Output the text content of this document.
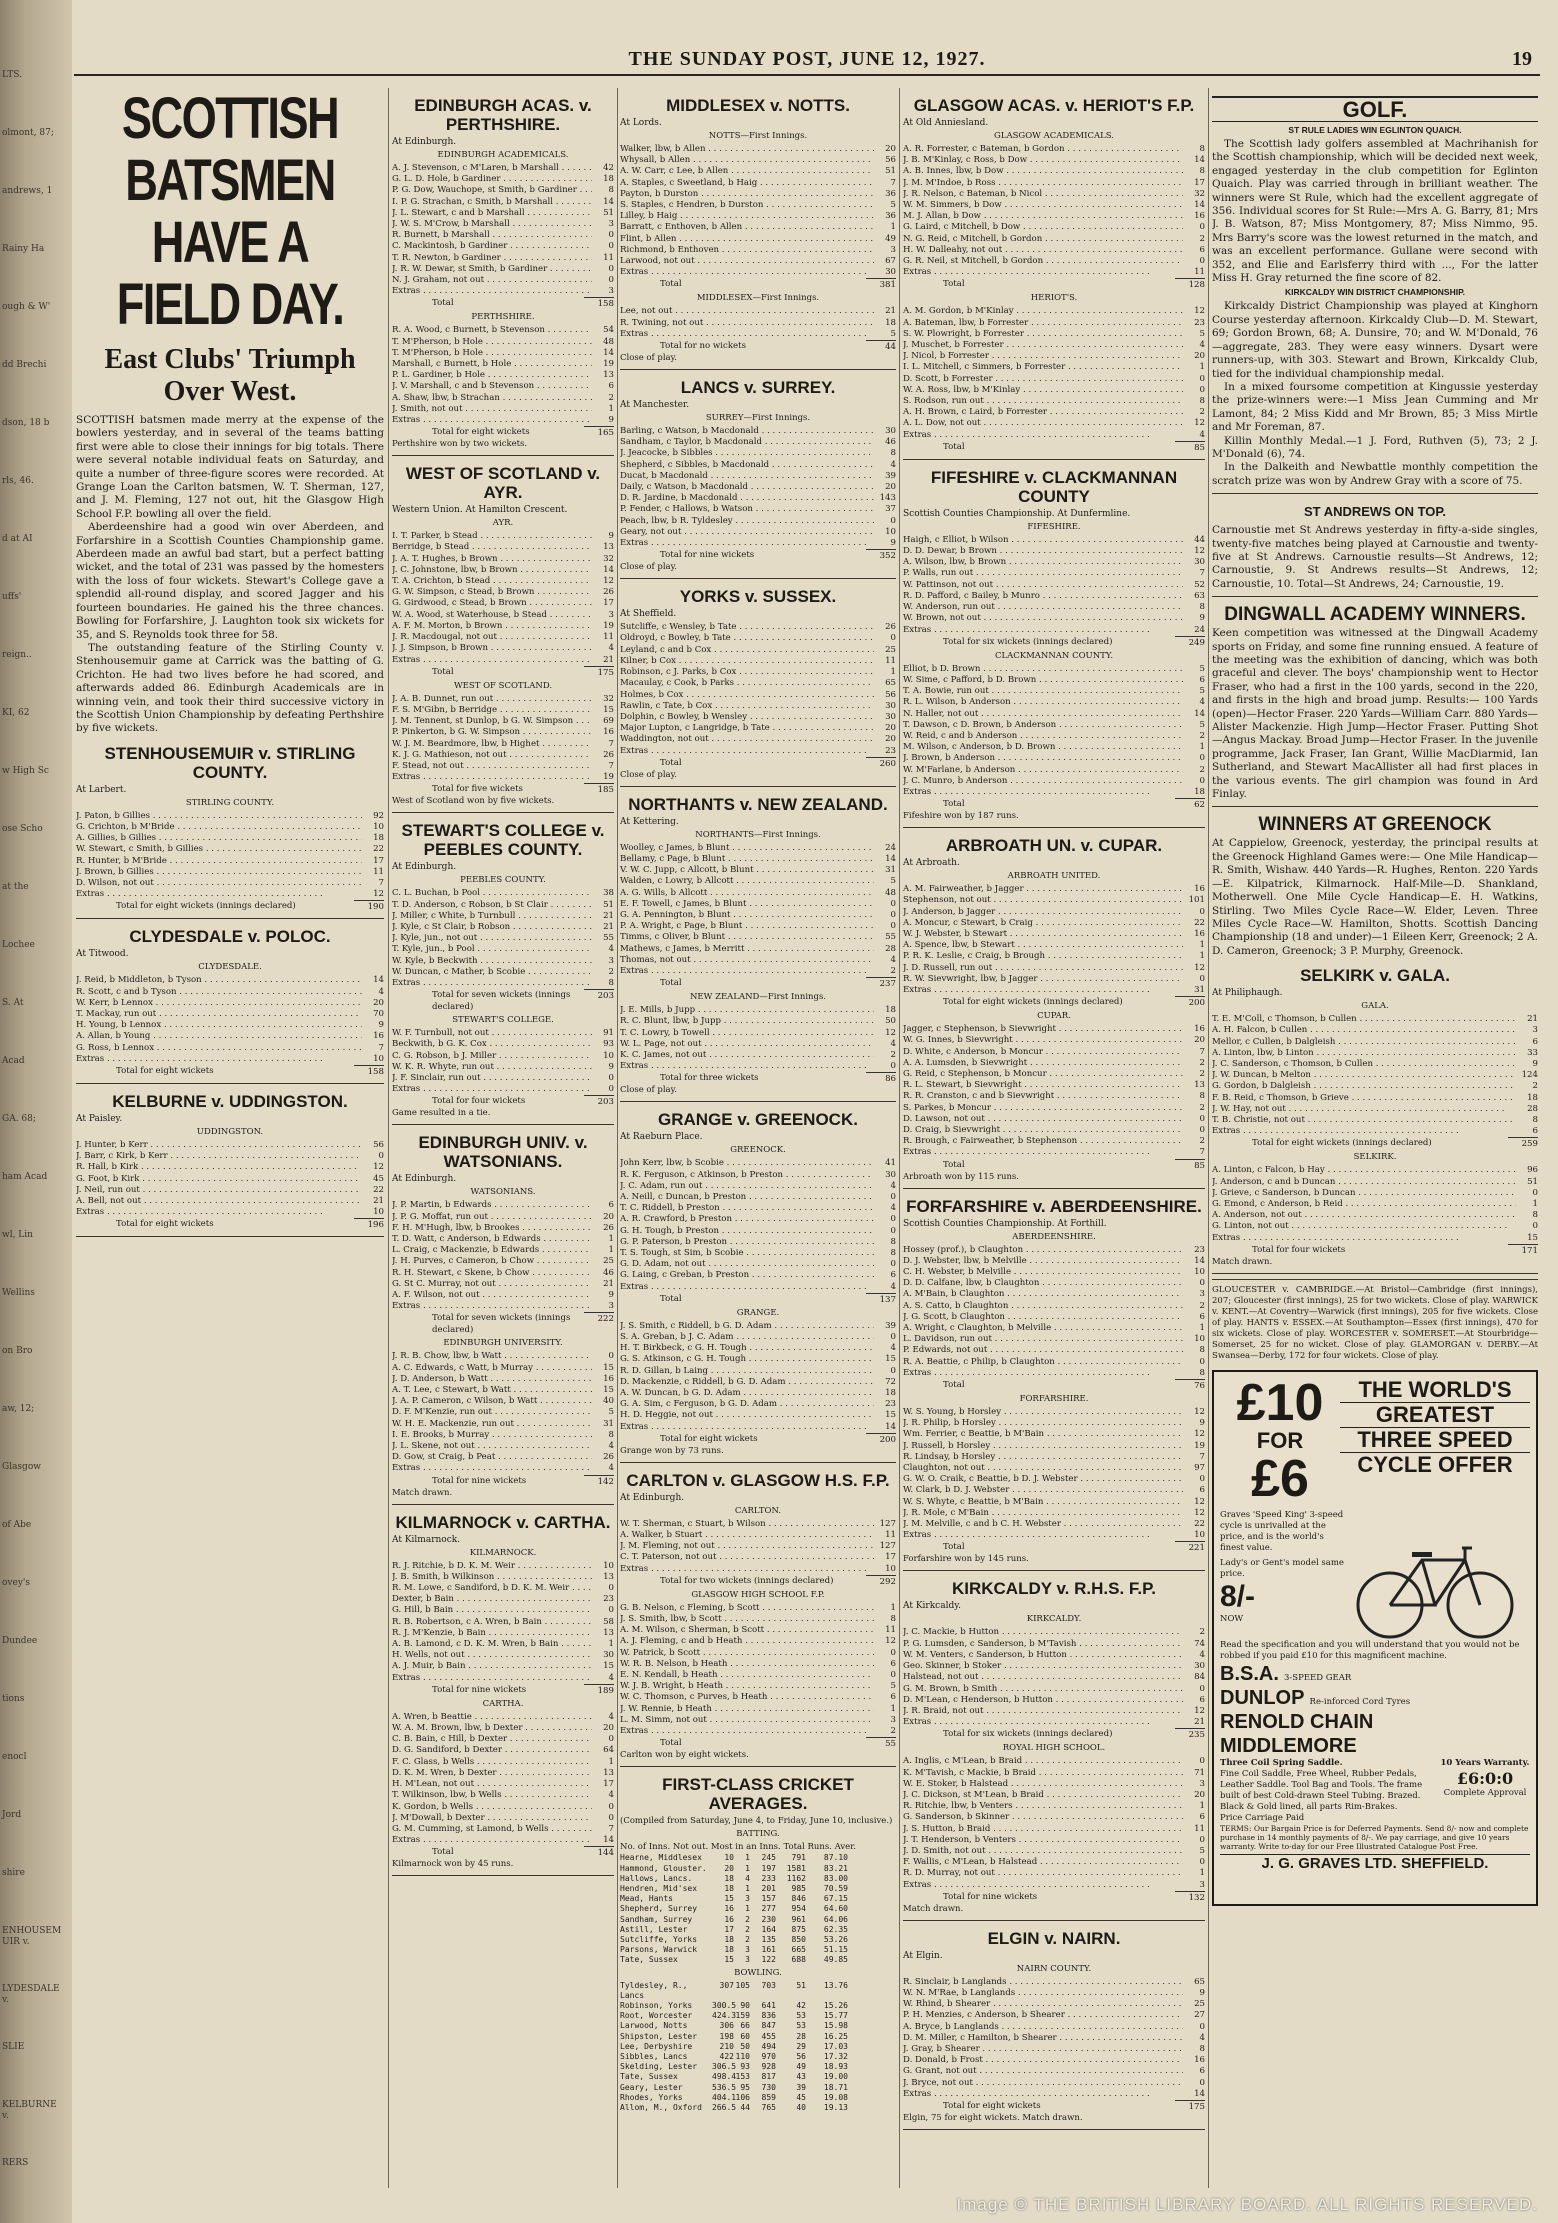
LTS.
olmont, 87;
andrews, 1
Rainy Ha
ough & W'
dd Brechi
dson, 18 b
rls, 46.
d at AI
uffs'
reign..
KI, 62
w High Sc
ose Scho
at the
Lochee
S. At
Acad
GA. 68;
ham Acad
wl, Lin
Wellins
on Bro
aw, 12;
Glasgow
of Abe
ovey's
Dundee
tions
enocl
Jord
shire
ENHOUSEMUIR v.
LYDESDALE v.
SLIE
KELBURNE v.
RERS
THE SUNDAY POST, JUNE 12, 1927.	19
SCOTTISH BATSMEN HAVE A
FIELD DAY.
East Clubs' Triumph Over West.
SCOTTISH batsmen made merry at the expense of the bowlers yesterday, and in several of the teams batting first were able to close their innings for big totals. There were several notable individual feats on Saturday, and quite a number of three-figure scores were recorded. At Grange Loan the Carlton batsmen, W. T. Sherman, 127, and J. M. Fleming, 127 not out, hit the Glasgow High School F.P. bowling all over the field.
Aberdeenshire had a good win over Aberdeen, and Forfarshire in a Scottish Counties Championship game. Aberdeen made an awful bad start, but a perfect batting wicket, and the total of 231 was passed by the homesters with the loss of four wickets. Stewart's College gave a splendid all-round display, and scored Jagger and his fourteen boundaries. He gained his the three chances. Bowling for Forfarshire, J. Laughton took six wickets for 35, and S. Reynolds took three for 58.
The outstanding feature of the Stirling County v. Stenhousemuir game at Carrick was the batting of G. Crichton. He had two lives before he had scored, and afterwards added 86. Edinburgh Academicals are in winning vein, and took their third successive victory in the Scottish Union Championship by defeating Perthshire by five wickets.
STENHOUSEMUIR v. STIRLING COUNTY.
At Larbert.
STIRLING COUNTY.
J. Paton, b Gillies . . .	92
G. Crichton, b M'Bride . . .	10
A. Gillies, b Gillies . . .	18
W. Stewart, c Smith, b Gillies . . .	22
R. Hunter, b M'Bride . . .	17
J. Brown, b Gillies . . .	11
D. Wilson, not out . . .	7
Extras . . .	12
Total for eight wickets (innings declared)	190
CLYDESDALE v. POLOC.
At Titwood.
CLYDESDALE.
J. Reid, b Middleton, b Tyson . . .	14
R. Scott, c and b Tyson . . .	4
W. Kerr, b Lennox . . .	20
T. Mackay, run out . . .	70
H. Young, b Lennox . . .	9
A. Allan, b Young . . .	16
G. Ross, b Lennox . . .	7
Extras . . .	10
Total for eight wickets	158
KELBURNE v. UDDINGSTON.
At Paisley.
UDDINGSTON.
J. Hunter, b Kerr . . .	56
J. Barr, c Kirk, b Kerr . . .	0
R. Hall, b Kirk . . .	12
G. Foot, b Kirk . . .	45
J. Neil, run out . . .	22
A. Bell, not out . . .	21
Extras . . .	10
Total for eight wickets	196
EDINBURGH ACAS. v. PERTHSHIRE.
At Edinburgh.
EDINBURGH ACADEMICALS.
A. J. Stevenson, c M'Laren, b Marshall . . .	42
G. L. D. Hole, b Gardiner . . .	18
P. G. Dow, Wauchope, st Smith, b Gardiner . . .	8
I. P. G. Strachan, c Smith, b Marshall . . .	14
J. L. Stewart, c and b Marshall . . .	51
J. W. S. M'Crow, b Marshall . . .	3
R. Burnett, b Marshall . . .	0
C. Mackintosh, b Gardiner . . .	0
T. R. Newton, b Gardiner . . .	11
J. R. W. Dewar, st Smith, b Gardiner . . .	0
N. J. Graham, not out . . .	0
Extras . . .	3
Total	158
PERTHSHIRE.
R. A. Wood, c Burnett, b Stevenson . . .	54
T. M'Pherson, b Hole . . .	48
T. M'Pherson, b Hole . . .	14
Marshall, c Burnett, b Hole . . .	19
P. L. Gardiner, b Hole . . .	13
J. V. Marshall, c and b Stevenson . . .	6
A. Shaw, lbw, b Strachan . . .	2
J. Smith, not out . . .	1
Extras . . .	9
Total for eight wickets	165
Perthshire won by two wickets.
WEST OF SCOTLAND v. AYR.
Western Union. At Hamilton Crescent.
AYR.
I. T. Parker, b Stead . . .	9
Berridge, b Stead . . .	13
J. A. T. Hughes, b Brown . . .	32
J. C. Johnstone, lbw, b Brown . . .	14
T. A. Crichton, b Stead . . .	12
G. W. Simpson, c Stead, b Brown . . .	26
G. Girdwood, c Stead, b Brown . . .	17
W. A. Wood, st Waterhouse, b Stead . . .	3
A. F. M. Morton, b Brown . . .	19
J. R. Macdougal, not out . . .	11
J. J. Simpson, b Brown . . .	4
Extras . . .	21
Total	175
WEST OF SCOTLAND.
J. A. B. Dunnet, run out . . .	32
F. S. M'Gibn, b Berridge . . .	15
J. M. Tennent, st Dunlop, b G. W. Simpson . . .	69
P. Pinkerton, b G. W. Simpson . . .	16
W. J. M. Beardmore, lbw, b Highet . . .	7
K. J. G. Mathieson, not out . . .	26
F. Stead, not out . . .	7
Extras . . .	19
Total for five wickets	185
West of Scotland won by five wickets.
STEWART'S COLLEGE v. PEEBLES COUNTY.
At Edinburgh.
PEEBLES COUNTY.
C. L. Buchan, b Pool . . .	38
T. D. Anderson, c Robson, b St Clair . . .	51
J. Miller, c White, b Turnbull . . .	21
J. Kyle, c St Clair, b Robson . . .	21
J. Kyle, jun., not out . . .	55
T. Kyle, jun., b Pool . . .	4
W. Kyle, b Beckwith . . .	3
W. Duncan, c Mather, b Scobie . . .	2
Extras . . .	8
Total for seven wickets (innings declared)
203
STEWART'S COLLEGE.
W. F. Turnbull, not out . . .	91
Beckwith, b G. K. Cox . . .	93
C. G. Robson, b J. Miller . . .	10
W. K. R. Whyte, run out . . .	9
J. F. Sinclair, run out . . .	0
Extras . . .	0
Total for four wickets	203
Game resulted in a tie.
EDINBURGH UNIV. v. WATSONIANS.
At Edinburgh.
WATSONIANS.
J. P. Martin, b Edwards . . .	6
J. P. G. Moffat, run out . . .	20
F. H. M'Hugh, lbw, b Brookes . . .	26
T. D. Watt, c Anderson, b Edwards . . .	1
L. Craig, c Mackenzie, b Edwards . . .	1
J. H. Purves, c Cameron, b Chow . . .	25
R. H. Stewart, c Skene, b Chow . . .	46
G. St C. Murray, not out . . .	21
A. F. Wilson, not out . . .	9
Extras . . .	3
Total for seven wickets (innings declared)
222
EDINBURGH UNIVERSITY.
J. R. B. Chow, lbw, b Watt . . .	0
A. C. Edwards, c Watt, b Murray . . .	15
J. D. Anderson, b Watt . . .	16
A. T. Lee, c Stewart, b Watt . . .	15
J. A. P. Cameron, c Wilson, b Watt . . .	40
D. F. M'Kenzie, run out . . .	5
W. H. E. Mackenzie, run out . . .	31
I. E. Brooks, b Murray . . .	8
J. L. Skene, not out . . .	4
D. Gow, st Craig, b Peat . . .	26
Extras . . .	4
Total for nine wickets	142
Match drawn.
KILMARNOCK v. CARTHA.
At Kilmarnock.
KILMARNOCK.
R. J. Ritchie, b D. K. M. Weir . . .	10
J. B. Smith, b Wilkinson . . .	13
R. M. Lowe, c Sandiford, b D. K. M. Weir . . .	0
Dexter, b Bain . . .	23
G. Hill, b Bain . . .	0
R. B. Robertson, c A. Wren, b Bain . . .	58
R. J. M'Kenzie, b Bain . . .	13
A. B. Lamond, c D. K. M. Wren, b Bain . . .	1
H. Wells, not out . . .	30
A. J. Muir, b Bain . . .	15
Extras . . .	4
Total for nine wickets	189
CARTHA.
A. Wren, b Beattie . . .	4
W. A. M. Brown, lbw, b Dexter . . .	20
C. B. Bain, c Hill, b Dexter . . .	0
D. G. Sandiford, b Dexter . . .	64
F. C. Glass, b Wells . . .	1
D. K. M. Wren, b Dexter . . .	13
H. M'Lean, not out . . .	17
T. Wilkinson, lbw, b Wells . . .	4
K. Gordon, b Wells . . .	0
J. M'Dowall, b Dexter . . .	0
G. M. Cumming, st Lamond, b Wells . . .	7
Extras . . .	14
Total	144
Kilmarnock won by 45 runs.
MIDDLESEX v. NOTTS.
At Lords.
NOTTS—First Innings.
Walker, lbw, b Allen . . .	20
Whysall, b Allen . . .	56
A. W. Carr, c Lee, b Allen . . .	51
A. Staples, c Sweetland, b Haig . . .	7
Payton, b Durston . . .	36
S. Staples, c Hendren, b Durston . . .	5
Lilley, b Haig . . .	36
Barratt, c Enthoven, b Allen . . .	1
Flint, b Allen . . .	49
Richmond, b Enthoven . . .	3
Larwood, not out . . .	67
Extras . . .	30
Total	381
MIDDLESEX—First Innings.
Lee, not out . . .	21
R. Twining, not out . . .	18
Extras . . .	5
Total for no wickets	44
Close of play.
LANCS v. SURREY.
At Manchester.
SURREY—First Innings.
Barling, c Watson, b Macdonald . . .	30
Sandham, c Taylor, b Macdonald . . .	46
J. Jeacocke, b Sibbles . . .	8
Shepherd, c Sibbles, b Macdonald . . .	4
Ducat, b Macdonald . . .	39
Daily, c Watson, b Macdonald . . .	20
D. R. Jardine, b Macdonald . . .	143
P. Fender, c Hallows, b Watson . . .	37
Peach, lbw, b R. Tyldesley . . .	0
Geary, not out . . .	10
Extras . . .	9
Total for nine wickets	352
Close of play.
YORKS v. SUSSEX.
At Sheffield.
Sutcliffe, c Wensley, b Tate . . .	26
Oldroyd, c Bowley, b Tate . . .	0
Leyland, c and b Cox . . .	25
Kilner, b Cox . . .	11
Robinson, c J. Parks, b Cox . . .	1
Macaulay, c Cook, b Parks . . .	65
Holmes, b Cox . . .	56
Rawlin, c Tate, b Cox . . .	30
Dolphin, c Bowley, b Wensley . . .	30
Major Lupton, c Langridge, b Tate . . .	20
Waddington, not out . . .	20
Extras . . .	23
Total	260
Close of play.
NORTHANTS v. NEW ZEALAND.
At Kettering.
NORTHANTS—First Innings.
Woolley, c James, b Blunt . . .	24
Bellamy, c Page, b Blunt . . .	14
V. W. C. Jupp, c Allcott, b Blunt . . .	31
Walden, c Lowry, b Allcott . . .	5
A. G. Wills, b Allcott . . .	48
E. F. Towell, c James, b Blunt . . .	0
G. A. Pennington, b Blunt . . .	0
P. A. Wright, c Page, b Blunt . . .	0
Timms, c Oliver, b Blunt . . .	55
Mathews, c James, b Merritt . . .	28
Thomas, not out . . .	4
Extras . . .	2
Total	237
NEW ZEALAND—First Innings.
J. E. Mills, b Jupp . . .	18
R. C. Blunt, lbw, b Jupp . . .	50
T. C. Lowry, b Towell . . .	12
W. L. Page, not out . . .	4
K. C. James, not out . . .	2
Extras . . .	0
Total for three wickets	86
Close of play.
GRANGE v. GREENOCK.
At Raeburn Place.
GREENOCK.
John Kerr, lbw, b Scobie . . .	41
R. K. Ferguson, c Atkinson, b Preston . . .	30
J. C. Adam, run out . . .	4
A. Neill, c Duncan, b Preston . . .	0
T. C. Riddell, b Preston . . .	4
A. R. Crawford, b Preston . . .	0
G. H. Tough, b Preston . . .	0
G. P. Paterson, b Preston . . .	8
T. S. Tough, st Sim, b Scobie . . .	8
G. D. Adam, not out . . .	0
G. Laing, c Greban, b Preston . . .	6
Extras . . .	4
Total	137
GRANGE.
J. S. Smith, c Riddell, b G. D. Adam . . .	39
S. A. Greban, b J. C. Adam . . .	0
H. T. Birkbeck, c G. H. Tough . . .	4
G. S. Atkinson, c G. H. Tough . . .	15
R. D. Gillan, b Laing . . .	0
D. Mackenzie, c Riddell, b G. D. Adam . . .	72
A. W. Duncan, b G. D. Adam . . .	18
G. A. Sim, c Ferguson, b G. D. Adam . . .	23
H. D. Heggie, not out . . .	15
Extras . . .	14
Total for eight wickets	200
Grange won by 73 runs.
CARLTON v. GLASGOW H.S. F.P.
At Edinburgh.
CARLTON.
W. T. Sherman, c Stuart, b Wilson . . .	127
A. Walker, b Stuart . . .	11
J. M. Fleming, not out . . .	127
C. T. Paterson, not out . . .	17
Extras . . .	10
Total for two wickets (innings declared)	292
GLASGOW HIGH SCHOOL F.P.
G. B. Nelson, c Fleming, b Scott . . .	1
J. S. Smith, lbw, b Scott . . .	8
A. M. Wilson, c Sherman, b Scott . . .	11
A. J. Fleming, c and b Heath . . .	12
W. Patrick, b Scott . . .	0
W. R. B. Nelson, b Heath . . .	6
E. N. Kendall, b Heath . . .	0
W. J. B. Wright, b Heath . . .	5
W. C. Thomson, c Purves, b Heath . . .	6
J. W. Rennie, b Heath . . .	1
L. M. Simm, not out . . .	3
Extras . . .	2
Total	55
Carlton won by eight wickets.
FIRST-CLASS CRICKET AVERAGES.
(Compiled from Saturday, June 4, to Friday, June 10, inclusive.)
BATTING.
No. of Inns. Not out. Most in an Inns. Total Runs. Aver.
Hearne, Middlesex	10	1	245	791	87.10
Hammond, Glouster.	20	1	197	1581	83.21
Hallows, Lancs.	18	4	233	1162	83.00
Hendren, Mid'sex	18	1	201	985	70.59
Mead, Hants	15	3	157	846	67.15
Shepherd, Surrey	16	1	277	954	64.60
Sandham, Surrey	16	2	230	961	64.06
Astill, Lester	17	2	164	875	62.35
Sutcliffe, Yorks	18	2	135	850	53.26
Parsons, Warwick	18	3	161	665	51.15
Tate, Sussex	15	3	122	688	49.85
BOWLING.
Tyldesley, R., Lancs
307 105	703	51	13.76
Robinson, Yorks	300.5 90	641	42	15.26
Root, Worcester	424.3 159	836	53	15.77
Larwood, Notts	306 66	847	53	15.98
Shipston, Lester	198 60	455	28	16.25
Lee, Derbyshire	210 50	494	29	17.03
Sibbles, Lancs	422 110	970	56	17.32
Skelding, Lester	306.5 93	928	49	18.93
Tate, Sussex	498.4 153	817	43	19.00
Geary, Lester	536.5 95	730	39	18.71
Rhodes, Yorks	404.1 106	859	45	19.08
Allom, M., Oxford	266.5 44	765	40	19.13
GLASGOW ACAS. v. HERIOT'S F.P.
At Old Anniesland.
GLASGOW ACADEMICALS.
A. R. Forrester, c Bateman, b Gordon . . .	8
J. B. M'Kinlay, c Ross, b Dow . . .	14
A. B. Innes, lbw, b Dow . . .	8
J. M. M'Indoe, b Ross . . .	17
J. R. Nelson, c Bateman, b Nicol . . .	32
W. M. Simmers, b Dow . . .	14
M. J. Allan, b Dow . . .	16
G. Laird, c Mitchell, b Dow . . .	0
N. G. Reid, c Mitchell, b Gordon . . .	2
H. W. Dalleahy, not out . . .	6
G. R. Neil, st Mitchell, b Gordon . . .	0
Extras . . .	11
Total	128
HERIOT'S.
A. M. Gordon, b M'Kinlay . . .	12
A. Bateman, lbw, b Forrester . . .	23
S. W. Plowright, b Forrester . . .	5
J. Muschet, b Forrester . . .	4
J. Nicol, b Forrester . . .	20
I. L. Mitchell, c Simmers, b Forrester . . .	1
D. Scott, b Forrester . . .	0
W. A. Ross, lbw, b M'Kinlay . . .	0
S. Rodson, run out . . .	8
A. H. Brown, c Laird, b Forrester . . .	2
A. L. Dow, not out . . .	12
Extras . . .	4
Total	85
FIFESHIRE v. CLACKMANNAN COUNTY
Scottish Counties Championship. At Dunfermline.
FIFESHIRE.
Haigh, c Elliot, b Wilson . . .	44
D. D. Dewar, b Brown . . .	12
A. Wilson, lbw, b Brown . . .	30
P. Walls, run out . . .	7
W. Pattinson, not out . . .	52
R. D. Pafford, c Bailey, b Munro . . .	63
W. Anderson, run out . . .	8
W. Brown, not out . . .	9
Extras . . .	24
Total for six wickets (innings declared)	249
CLACKMANNAN COUNTY.
Elliot, b D. Brown . . .	5
W. Sime, c Pafford, b D. Brown . . .	6
T. A. Bowie, run out . . .	5
R. L. Wilson, b Anderson . . .	4
N. Haller, not out . . .	14
T. Dawson, c D. Brown, b Anderson . . .	5
W. Reid, c and b Anderson . . .	2
M. Wilson, c Anderson, b D. Brown . . .	1
J. Brown, b Anderson . . .	0
W. M'Farlane, b Anderson . . .	2
J. C. Munro, b Anderson . . .	0
Extras . . .	18
Total	62
Fifeshire won by 187 runs.
ARBROATH UN. v. CUPAR.
At Arbroath.
ARBROATH UNITED.
A. M. Fairweather, b Jagger . . .	16
Stephenson, not out . . .	101
J. Anderson, b Jagger . . .	0
A. Moncur, c Stewart, b Craig . . .	22
W. J. Webster, b Stewart . . .	16
A. Spence, lbw, b Stewart . . .	1
P. R. K. Leslie, c Craig, b Brough . . .	1
J. D. Russell, run out . . .	12
R. W. Sievwright, lbw, b Jagger . . .	0
Extras . . .	31
Total for eight wickets (innings declared)	200
CUPAR.
Jagger, c Stephenson, b Sievwright . . .	16
W. G. Innes, b Sievwright . . .	20
D. White, c Anderson, b Moncur . . .	7
A. A. Lumsden, b Sievwright . . .	2
G. Reid, c Stephenson, b Moncur . . .	2
R. L. Stewart, b Sievwright . . .	13
R. R. Cranston, c and b Sievwright . . .	8
S. Parkes, b Moncur . . .	2
D. Lawson, not out . . .	0
D. Craig, b Sievwright . . .	0
R. Brough, c Fairweather, b Stephenson . . .	2
Extras . . .	7
Total	85
Arbroath won by 115 runs.
FORFARSHIRE v. ABERDEENSHIRE.
Scottish Counties Championship. At Forthill.
ABERDEENSHIRE.
Hossey (prof.), b Claughton . . .	23
D. J. Webster, lbw, b Melville . . .	14
C. H. Webster, b Melville . . .	10
D. D. Calfane, lbw, b Claughton . . .	0
A. M'Bain, b Claughton . . .	3
A. S. Catto, b Claughton . . .	2
J. G. Scott, b Claughton . . .	6
A. Wright, c Claughton, b Melville . . .	1
L. Davidson, run out . . .	10
P. Edwards, not out . . .	8
R. A. Beattie, c Philip, b Claughton . . .	0
Extras . . .	8
Total	76
FORFARSHIRE.
W. S. Young, b Horsley . . .	12
J. R. Philip, b Horsley . . .	9
Wm. Ferrier, c Beattie, b M'Bain . . .	12
J. Russell, b Horsley . . .	19
R. Lindsay, b Horsley . . .	7
Claughton, not out . . .	97
G. W. O. Craik, c Beattie, b D. J. Webster . . .	0
W. Clark, b D. J. Webster . . .	6
W. S. Whyte, c Beattie, b M'Bain . . .	12
J. R. Mole, c M'Bain . . .	12
J. M. Melville, c and b C. H. Webster . . .	22
Extras . . .	10
Total	221
Forfarshire won by 145 runs.
KIRKCALDY v. R.H.S. F.P.
At Kirkcaldy.
KIRKCALDY.
J. C. Mackie, b Hutton . . .	2
P. G. Lumsden, c Sanderson, b M'Tavish . . .	74
W. M. Venters, c Sanderson, b Hutton . . .	4
Geo. Skinner, b Stoker . . .	30
Halstead, not out . . .	84
G. M. Brown, b Smith . . .	0
D. M'Lean, c Henderson, b Hutton . . .	6
J. R. Braid, not out . . .	12
Extras . . .	21
Total for six wickets (innings declared)	235
ROYAL HIGH SCHOOL.
A. Inglis, c M'Lean, b Braid . . .	0
K. M'Tavish, c Mackie, b Braid . . .	71
W. E. Stoker, b Halstead . . .	3
J. C. Dickson, st M'Lean, b Braid . . .	20
R. Ritchie, lbw, b Venters . . .	1
G. Sanderson, b Skinner . . .	6
J. S. Hutton, b Braid . . .	11
J. T. Henderson, b Venters . . .	0
J. D. Smith, not out . . .	5
F. Wallis, c M'Lean, b Halstead . . .	0
R. D. Murray, not out . . .	1
Extras . . .	3
Total for nine wickets	132
Match drawn.
ELGIN v. NAIRN.
At Elgin.
NAIRN COUNTY.
R. Sinclair, b Langlands . . .	65
W. N. M'Rae, b Langlands . . .	9
W. Rhind, b Shearer . . .	25
P. H. Menzies, c Anderson, b Shearer . . .	27
A. Bryce, b Langlands . . .	0
D. M. Miller, c Hamilton, b Shearer . . .	4
J. Gray, b Shearer . . .	8
D. Donald, b Frost . . .	16
G. Grant, not out . . .	6
J. Bryce, not out . . .	0
Extras . . .	14
Total for eight wickets	175
Elgin, 75 for eight wickets. Match drawn.
GOLF.
ST RULE LADIES WIN EGLINTON QUAICH.
The Scottish lady golfers assembled at Machrihanish for the Scottish championship, which will be decided next week, engaged yesterday in the club competition for Eglinton Quaich. Play was carried through in brilliant weather. The winners were St Rule, which had the excellent aggregate of 356. Individual scores for St Rule:—Mrs A. G. Barry, 81; Mrs J. B. Watson, 87; Miss Montgomery, 87; Miss Nimmo, 95. Mrs Barry's score was the lowest returned in the match, and was an excellent performance. Gullane were second with 352, and Elie and Earlsferry third with ..., For the latter Miss H. Gray returned the fine score of 82.
KIRKCALDY WIN DISTRICT CHAMPIONSHIP.
Kirkcaldy District Championship was played at Kinghorn Course yesterday afternoon. Kirkcaldy Club—D. M. Stewart, 69; Gordon Brown, 68; A. Dunsire, 70; and W. M'Donald, 76—aggregate, 283. They were easy winners. Dysart were runners-up, with 303. Stewart and Brown, Kirkcaldy Club, tied for the individual championship medal.
In a mixed foursome competition at Kingussie yesterday the prize-winners were:—1 Miss Jean Cumming and Mr Lamont, 84; 2 Miss Kidd and Mr Brown, 85; 3 Miss Mirtle and Mr Foreman, 87.
Killin Monthly Medal.—1 J. Ford, Ruthven (5), 73; 2 J. M'Donald (6), 74.
In the Dalkeith and Newbattle monthly competition the scratch prize was won by Andrew Gray with a score of 75.
ST ANDREWS ON TOP.
Carnoustie met St Andrews yesterday in fifty-a-side singles, twenty-five matches being played at Carnoustie and twenty-five at St Andrews. Carnoustie results—St Andrews, 12; Carnoustie, 9. St Andrews results—St Andrews, 12; Carnoustie, 10. Total—St Andrews, 24; Carnoustie, 19.
DINGWALL ACADEMY WINNERS.
Keen competition was witnessed at the Dingwall Academy sports on Friday, and some fine running ensued. A feature of the meeting was the exhibition of dancing, which was both graceful and clever. The boys' championship went to Hector Fraser, who had a first in the 100 yards, second in the 220, and firsts in the high and broad jump. Results:— 100 Yards (open)—Hector Fraser. 220 Yards—William Carr. 880 Yards—Alister Mackenzie. High Jump—Hector Fraser. Putting Shot—Angus Mackay. Broad Jump—Hector Fraser. In the juvenile programme, Jack Fraser, Ian Grant, Willie MacDiarmid, Ian Sutherland, and Stewart MacAllister all had first places in the various events. The girl champion was found in Ard Finlay.
WINNERS AT GREENOCK
At Cappielow, Greenock, yesterday, the principal results at the Greenock Highland Games were:— One Mile Handicap—R. Smith, Wishaw. 440 Yards—R. Hughes, Renton. 220 Yards—E. Kilpatrick, Kilmarnock. Half-Mile—D. Shankland, Motherwell. One Mile Cycle Handicap—E. H. Watkins, Stirling. Two Miles Cycle Race—W. Elder, Leven. Three Miles Cycle Race—W. Hamilton, Shotts. Scottish Dancing Championship (18 and under)—1 Eileen Kerr, Greenock; 2 A. D. Cameron, Greenock; 3 P. Murphy, Greenock.
SELKIRK v. GALA.
At Philiphaugh.
GALA.
T. E. M'Coll, c Thomson, b Cullen . . .	21
A. H. Falcon, b Cullen . . .	3
Mellor, c Cullen, b Dalgleish . . .	6
A. Linton, lbw, b Linton . . .	33
J. C. Sanderson, c Thomson, b Cullen . . .	9
J. W. Duncan, b Melton . . .	124
G. Gordon, b Dalgleish . . .	2
F. B. Reid, c Thomson, b Grieve . . .	18
J. W. Hay, not out . . .	28
T. B. Christie, not out . . .	8
Extras . . .	6
Total for eight wickets (innings declared)	259
SELKIRK.
A. Linton, c Falcon, b Hay . . .	96
J. Anderson, c and b Duncan . . .	51
J. Grieve, c Sanderson, b Duncan . . .	0
G. Emond, c Anderson, b Reid . . .	1
A. Anderson, not out . . .	8
G. Linton, not out . . .	0
Extras . . .	15
Total for four wickets	171
Match drawn.
GLOUCESTER v. CAMBRIDGE.—At Bristol—Cambridge (first innings), 207; Gloucester (first innings), 25 for two wickets. Close of play. WARWICK v. KENT.—At Coventry—Warwick (first innings), 205 for five wickets. Close of play. HANTS v. ESSEX.—At Southampton—Essex (first innings), 470 for six wickets. Close of play. WORCESTER v. SOMERSET.—At Stourbridge—Somerset, 25 for no wicket. Close of play. GLAMORGAN v. DERBY.—At Swansea—Derby, 172 for four wickets. Close of play.
£10
FOR
£6
THE WORLD'S
GREATEST
THREE SPEED
CYCLE OFFER
Graves 'Speed King' 3-speed cycle is unrivalled at the price, and is the world's finest value.
Lady's or Gent's model same price.
8/-
NOW
Read the specification and you will understand that you would not be robbed if you paid £10 for this magnificent machine.
B.S.A. 3-SPEED GEAR
DUNLOP Re-inforced Cord Tyres
RENOLD CHAIN
MIDDLEMORE
Three Coil Spring Saddle.
Fine Coil Saddle, Free Wheel, Rubber Pedals, Leather Saddle. Tool Bag and Tools. The frame built of best Cold-drawn Steel Tubing. Brazed. Black & Gold lined, all parts Rim-Brakes.
Price Carriage Paid
10 Years Warranty.
£6:0:0
Complete Approval
TERMS: Our Bargain Price is for Deferred Payments. Send 8/- now and complete purchase in 14 monthly payments of 8/-. We pay carriage, and give 10 years warranty. Write to-day for our Free Illustrated Catalogue Post Free.
J. G. GRAVES LTD. SHEFFIELD.
Image © THE BRITISH LIBRARY BOARD. ALL RIGHTS RESERVED.
